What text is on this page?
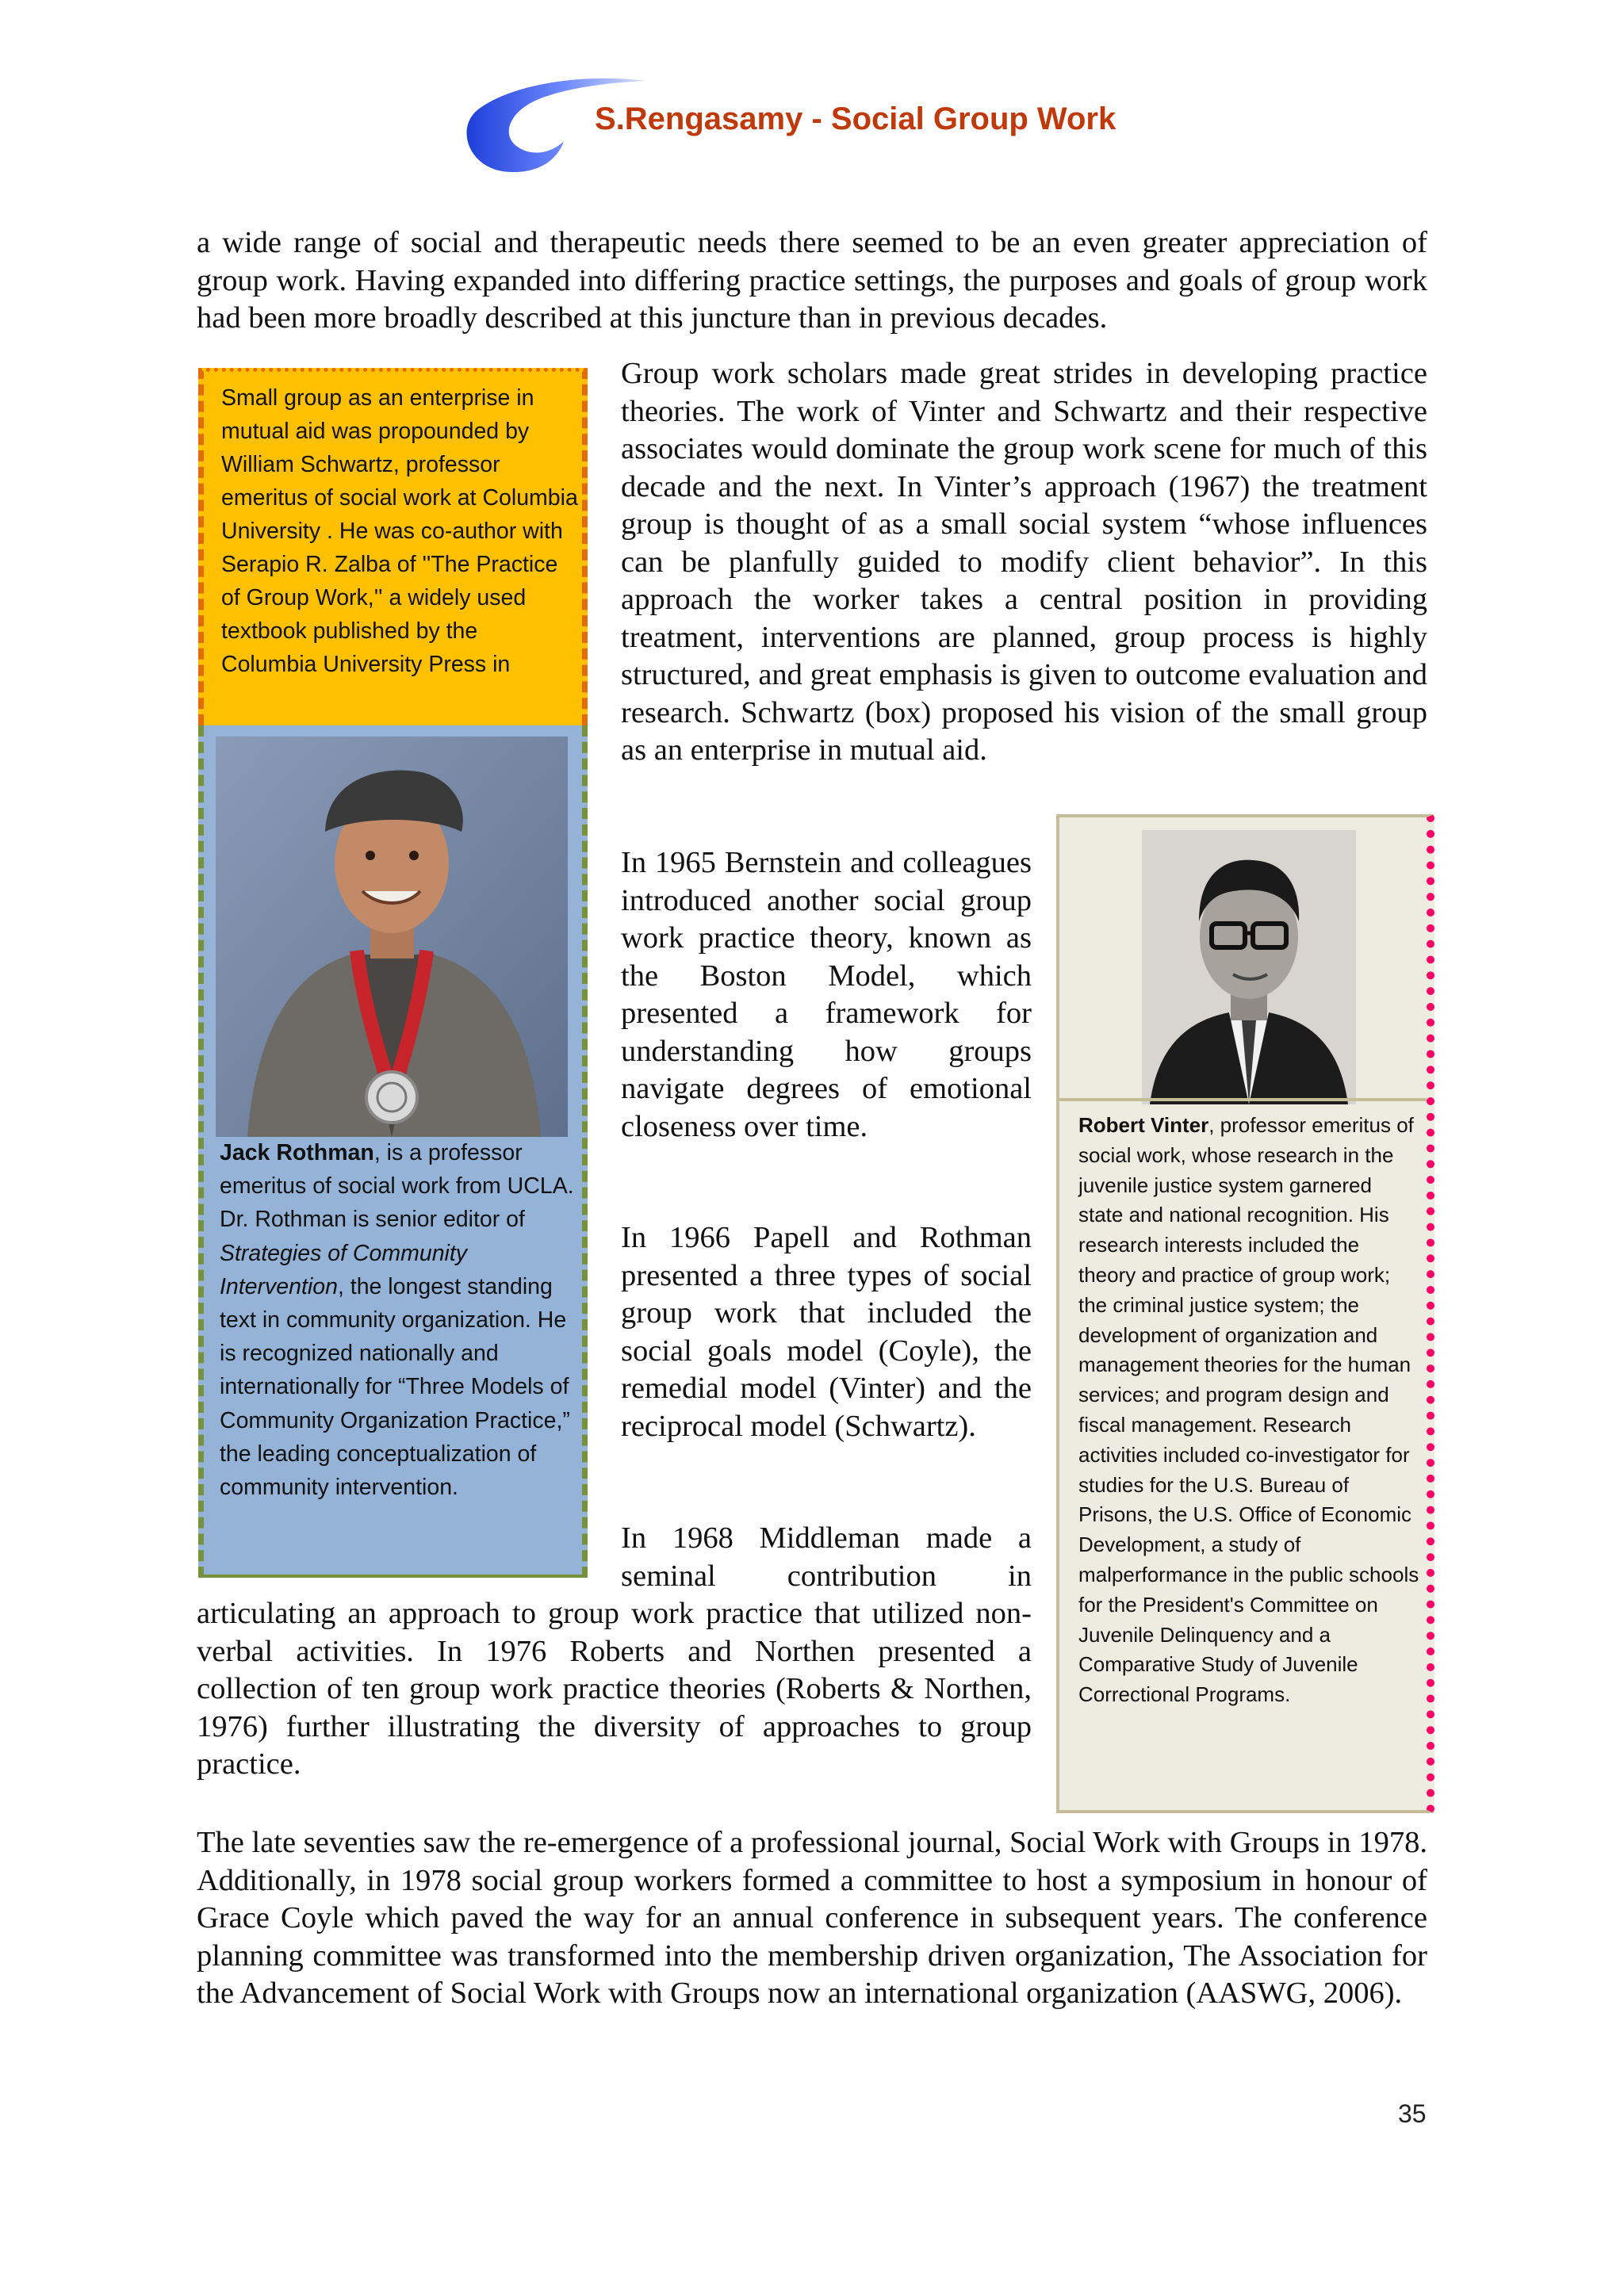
S.Rengasamy - Social Group Work
a wide range of social and therapeutic needs there seemed to be an even greater appreciation of group work. Having expanded into differing practice settings, the purposes and goals of group work had been more broadly described at this juncture than in previous decades.
Group work scholars made great strides in developing practice theories. The work of Vinter and Schwartz and their respective associates would dominate the group work scene for much of this decade and the next. In Vinter’s approach (1967) the treatment group is thought of as a small social system “whose influences can be planfully guided to modify client behavior”. In this approach the worker takes a central position in providing treatment, interventions are planned, group process is highly structured, and great emphasis is given to outcome evaluation and research. Schwartz (box) proposed his vision of the small group as an enterprise in mutual aid.
In 1965 Bernstein and colleagues introduced another social group work practice theory, known as the Boston Model, which presented a framework for understanding how groups navigate degrees of emotional closeness over time.
In 1966 Papell and Rothman presented a three types of social group work that included the social goals model (Coyle), the remedial model (Vinter) and the reciprocal model (Schwartz).
In 1968 Middleman made a seminal contribution in
articulating an approach to group work practice that utilized non-verbal activities. In 1976 Roberts and Northen presented a collection of ten group work practice theories (Roberts & Northen, 1976) further illustrating the diversity of approaches to group practice.
The late seventies saw the re-emergence of a professional journal, Social Work with Groups in 1978. Additionally, in 1978 social group workers formed a committee to host a symposium in honour of Grace Coyle which paved the way for an annual conference in subsequent years. The conference planning committee was transformed into the membership driven organization, The Association for the Advancement of Social Work with Groups now an international organization (AASWG, 2006).
Small group as an enterprise in mutual aid was propounded by William Schwartz, professor emeritus of social work at Columbia University . He was co-author with Serapio R. Zalba of ''The Practice of Group Work,'' a widely used textbook published by the Columbia University Press in
Jack Rothman, is a professor emeritus of social work from UCLA. Dr. Rothman is senior editor of Strategies of Community Intervention, the longest standing text in community organization. He is recognized nationally and internationally for “Three Models of Community Organization Practice,” the leading conceptualization of community intervention.
Robert Vinter, professor emeritus of social work, whose research in the juvenile justice system garnered state and national recognition. His research interests included the theory and practice of group work; the criminal justice system; the development of organization and management theories for the human services; and program design and fiscal management. Research activities included co-investigator for studies for the U.S. Bureau of Prisons, the U.S. Office of Economic Development, a study of malperformance in the public schools for the President's Committee on Juvenile Delinquency and a Comparative Study of Juvenile Correctional Programs.
35
